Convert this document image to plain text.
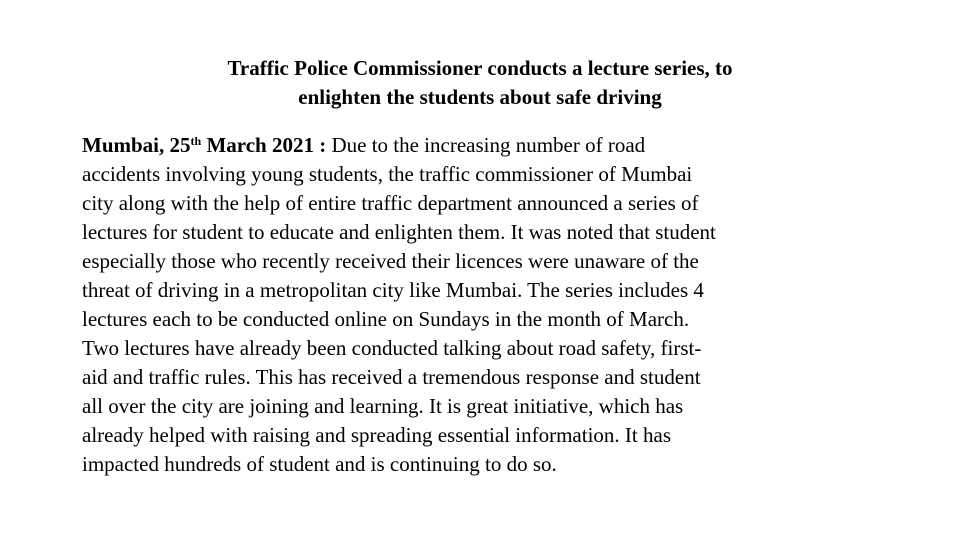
Traffic Police Commissioner conducts a lecture series, to
enlighten the students about safe driving
Mumbai, 25th March 2021 : Due to the increasing number of road
accidents involving young students, the traffic commissioner of Mumbai
city along with the help of entire traffic department announced a series of
lectures for student to educate and enlighten them. It was noted that student
especially those who recently received their licences were unaware of the
threat of driving in a metropolitan city like Mumbai. The series includes 4
lectures each to be conducted online on Sundays in the month of March.
Two lectures have already been conducted talking about road safety, first-
aid and traffic rules. This has received a tremendous response and student
all over the city are joining and learning. It is great initiative, which has
already helped with raising and spreading essential information. It has
impacted hundreds of student and is continuing to do so.
